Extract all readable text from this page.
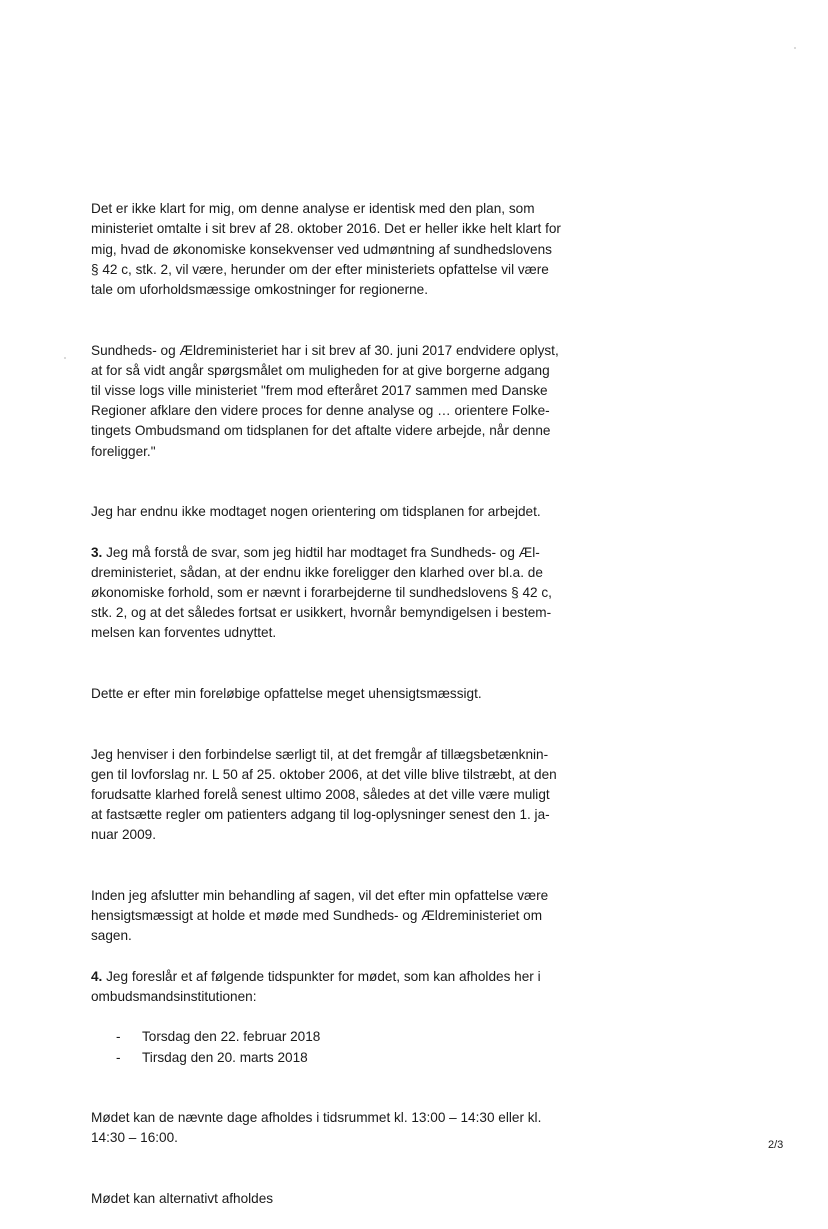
Det er ikke klart for mig, om denne analyse er identisk med den plan, som
ministeriet omtalte i sit brev af 28. oktober 2016. Det er heller ikke helt klart for
mig, hvad de økonomiske konsekvenser ved udmøntning af sundhedslovens
§ 42 c, stk. 2, vil være, herunder om der efter ministeriets opfattelse vil være
tale om uforholdsmæssige omkostninger for regionerne.

Sundheds- og Ældreministeriet har i sit brev af 30. juni 2017 endvidere oplyst,
at for så vidt angår spørgsmålet om muligheden for at give borgerne adgang
til visse logs ville ministeriet "frem mod efteråret 2017 sammen med Danske
Regioner afklare den videre proces for denne analyse og … orientere Folke-
tingets Ombudsmand om tidsplanen for det aftalte videre arbejde, når denne
foreligger."

Jeg har endnu ikke modtaget nogen orientering om tidsplanen for arbejdet.

3. Jeg må forstå de svar, som jeg hidtil har modtaget fra Sundheds- og Æl-
dreministeriet, sådan, at der endnu ikke foreligger den klarhed over bl.a. de
økonomiske forhold, som er nævnt i forarbejderne til sundhedslovens § 42 c,
stk. 2, og at det således fortsat er usikkert, hvornår bemyndigelsen i bestem-
melsen kan forventes udnyttet.

Dette er efter min foreløbige opfattelse meget uhensigtsmæssigt.

Jeg henviser i den forbindelse særligt til, at det fremgår af tillægsbetænknin-
gen til lovforslag nr. L 50 af 25. oktober 2006, at det ville blive tilstræbt, at den
forudsatte klarhed forelå senest ultimo 2008, således at det ville være muligt
at fastsætte regler om patienters adgang til log-oplysninger senest den 1. ja-
nuar 2009.

Inden jeg afslutter min behandling af sagen, vil det efter min opfattelse være
hensigtsmæssigt at holde et møde med Sundheds- og Ældreministeriet om
sagen.

4. Jeg foreslår et af følgende tidspunkter for mødet, som kan afholdes her i
ombudsmandsinstitutionen:

- Torsdag den 22. februar 2018
- Tirsdag den 20. marts 2018

Mødet kan de nævnte dage afholdes i tidsrummet kl. 13:00 – 14:30 eller kl.
14:30 – 16:00.

Mødet kan alternativt afholdes

2/3
